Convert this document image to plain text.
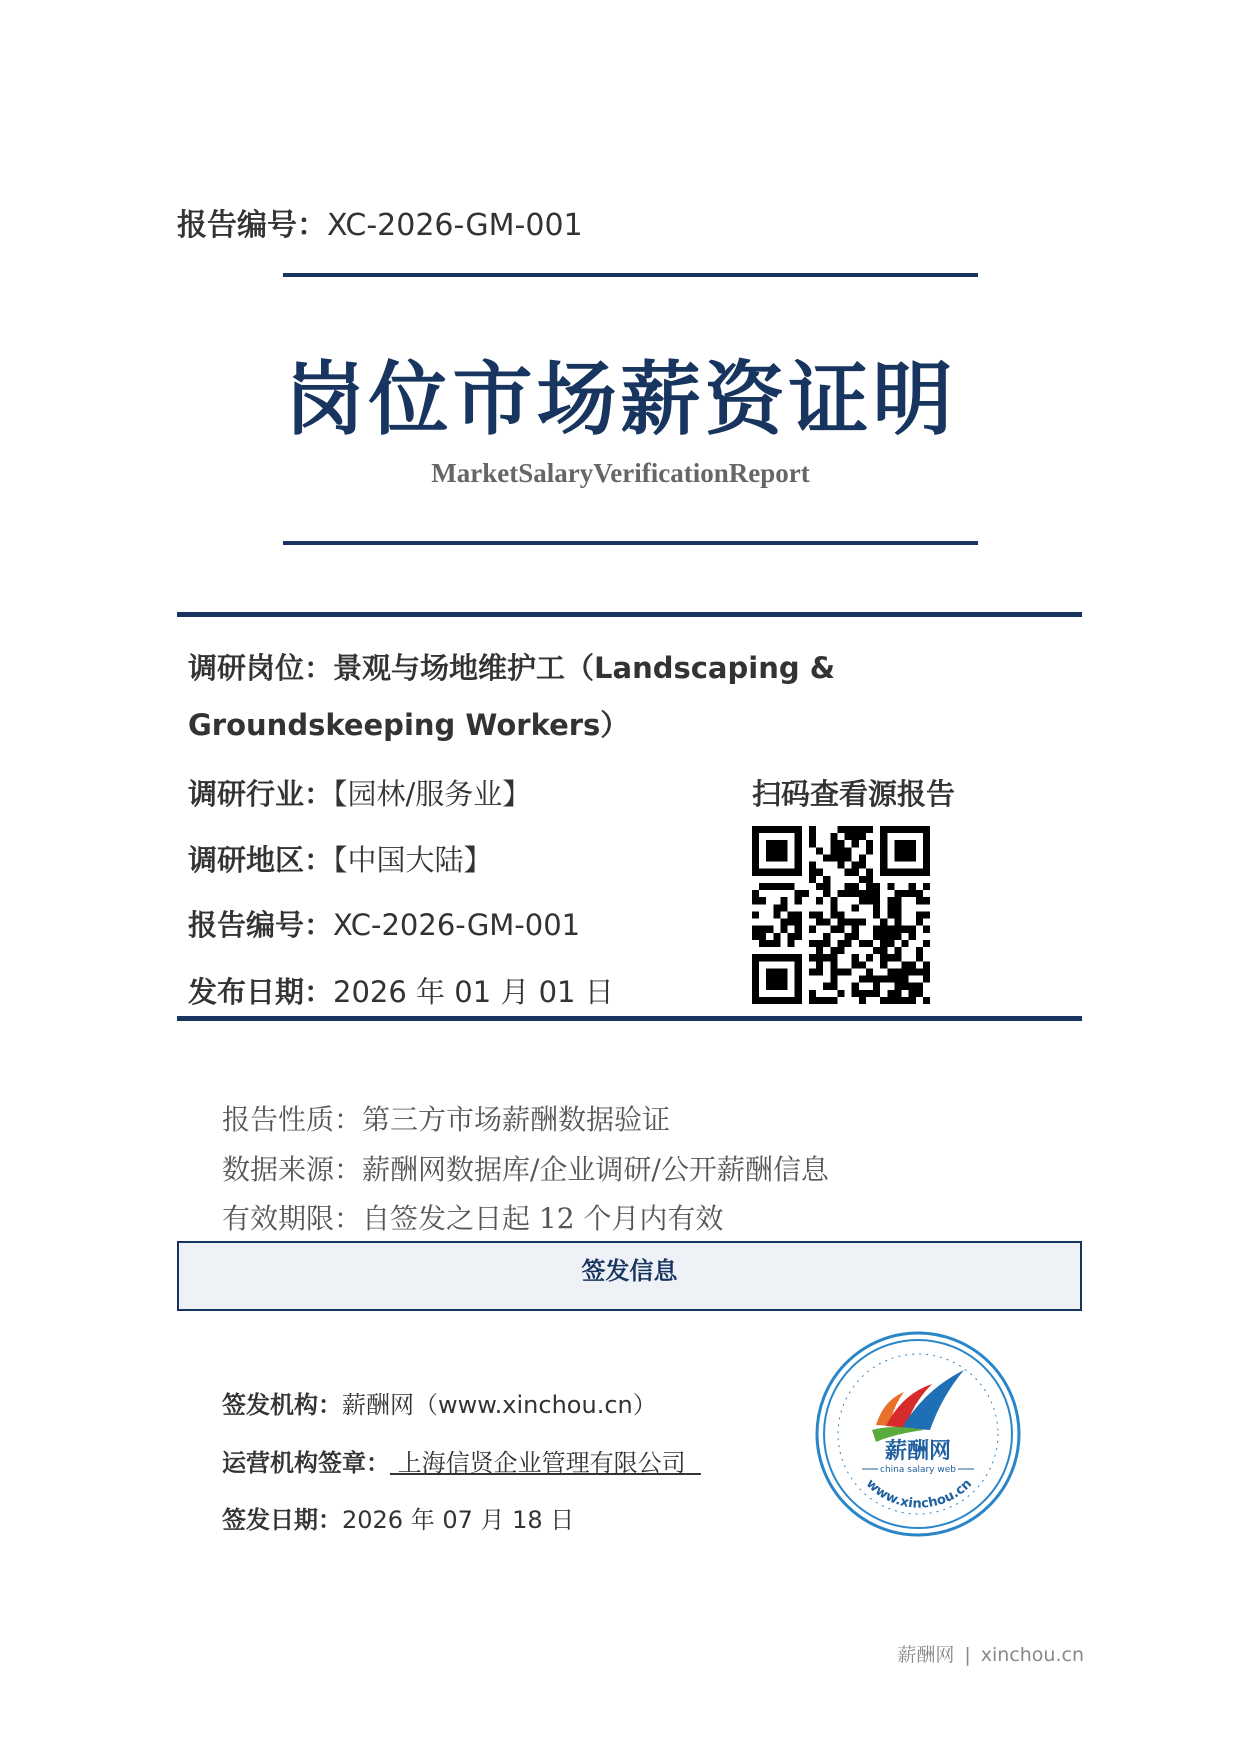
报告编号：XC-2026-GM-001
岗位市场薪资证明
MarketSalaryVerificationReport
调研岗位：景观与场地维护工（Landscaping & Groundskeeping Workers）
调研行业：【园林/服务业】
调研地区：【中国大陆】
报告编号：XC-2026-GM-001
发布日期：2026 年 01 月 01 日
扫码查看源报告
报告性质：第三方市场薪酬数据验证
数据来源：薪酬网数据库/企业调研/公开薪酬信息
有效期限：自签发之日起 12 个月内有效
签发信息
签发机构：薪酬网（www.xinchou.cn）
运营机构签章： 上海信贤企业管理有限公司
签发日期：2026 年 07 月 18 日
薪酬网
china salary web
www.xinchou.cn
薪酬网 | xinchou.cn
